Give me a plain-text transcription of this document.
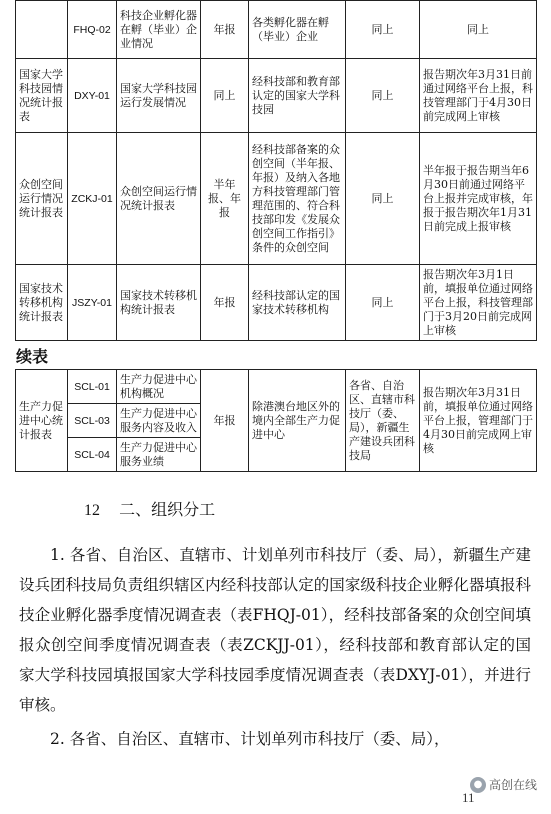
	FHQ-02	科技企业孵化器在孵（毕业）企业情况	年报	各类孵化器在孵（毕业）企业	同上	同上
国家大学科技园情况统计报表	DXY-01	国家大学科技园运行发展情况	同上	经科技部和教育部认定的国家大学科技园	同上	报告期次年3月31日前通过网络平台上报，科技管理部门于4月30日前完成网上审核
众创空间运行情况统计报表	ZCKJ-01	众创空间运行情况统计报表	半年报、年报	经科技部备案的众创空间（半年报、年报）及纳入各地方科技管理部门管理范围的、符合科技部印发《发展众创空间工作指引》条件的众创空间	同上	半年报于报告期当年6月30日前通过网络平台上报并完成审核，年报于报告期次年1月31日前完成上报审核
国家技术转移机构统计报表	JSZY-01	国家技术转移机构统计报表	年报	经科技部认定的国家技术转移机构	同上	报告期次年3月1日前，填报单位通过网络平台上报，科技管理部门于3月20日前完成网上审核
续表
生产力促进中心统计报表	SCL-01	生产力促进中心机构概况	年报	除港澳台地区外的境内全部生产力促进中心	各省、自治区、直辖市科技厅（委、局），新疆生产建设兵团科技局	报告期次年3月31日前，填报单位通过网络平台上报，管理部门于4月30日前完成网上审核
	SCL-03	生产力促进中心服务内容及收入				
	SCL-04	生产力促进中心服务业绩				
12 二、组织分工
1. 各省、自治区、直辖市、计划单列市科技厅（委、局），新疆生产建设兵团科技局负责组织辖区内经科技部认定的国家级科技企业孵化器填报科技企业孵化器季度情况调查表（表FHQJ-01），经科技部备案的众创空间填报众创空间季度情况调查表（表ZCKJJ-01），经科技部和教育部认定的国家大学科技园填报国家大学科技园季度情况调查表（表DXYJ-01），并进行审核。
2. 各省、自治区、直辖市、计划单列市科技厅（委、局），
● 高创在线
11
